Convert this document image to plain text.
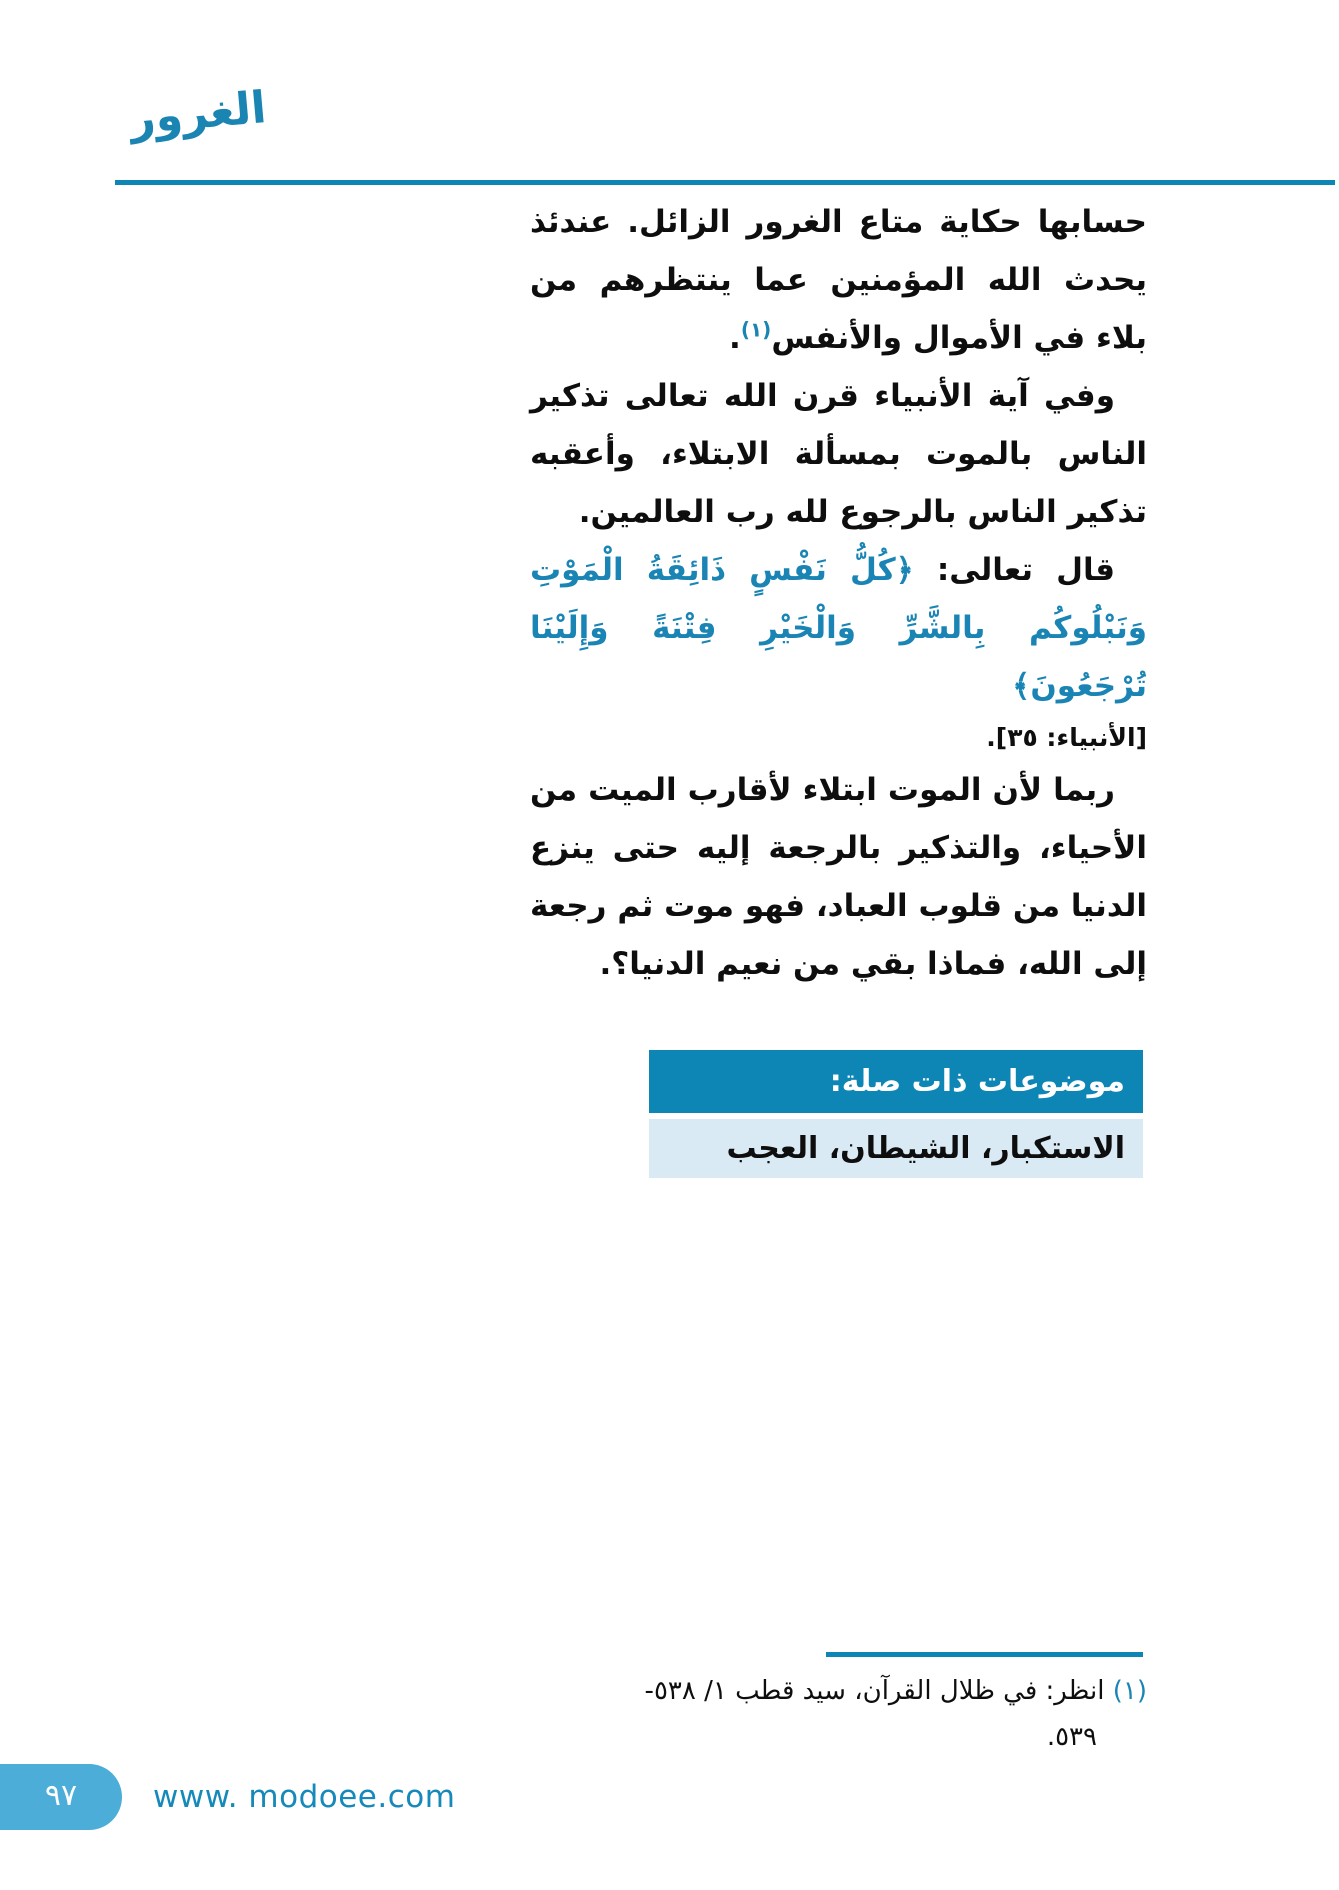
الغرور

حسابها حكاية متاع الغرور الزائل. عندئذ يحدث الله المؤمنين عما ينتظرهم من بلاء في الأموال والأنفس$^{(١)}$.

وفي آية الأنبياء قرن الله تعالى تذكير الناس بالموت بمسألة الابتلاء، وأعقبه تذكير الناس بالرجوع لله رب العالمين.

قال تعالى: ﴿كُلُّ نَفْسٍ ذَائِقَةُ الْمَوْتِ وَنَبْلُوكُم بِالشَّرِّ وَالْخَيْرِ فِتْنَةً وَإِلَيْنَا تُرْجَعُونَ﴾

[الأنبياء: ٣٥].

ربما لأن الموت ابتلاء لأقارب الميت من الأحياء، والتذكير بالرجعة إليه حتى ينزع الدنيا من قلوب العباد، فهو موت ثم رجعة إلى الله، فماذا بقي من نعيم الدنيا؟.

موضوعات ذات صلة:
الاستكبار، الشيطان، العجب
(١) انظر: في ظلال القرآن، سيد قطب ١/ ٥٣٨-
٥٣٩.
٩٧	www. modoee.com
